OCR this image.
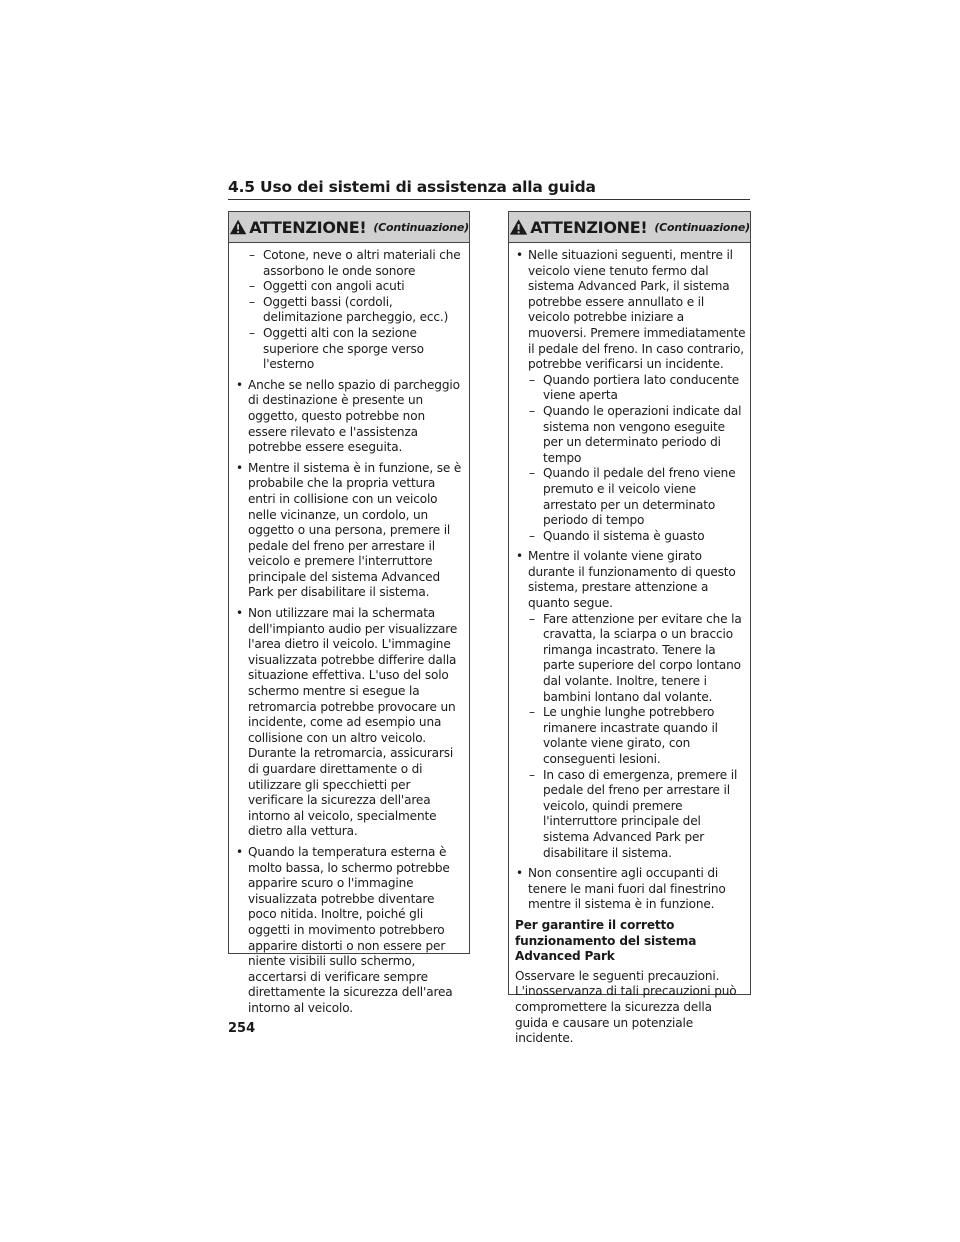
4.5 Uso dei sistemi di assistenza alla guida
ATTENZIONE! (Continuazione)
– Cotone, neve o altri materiali che assorbono le onde sonore
– Oggetti con angoli acuti
– Oggetti bassi (cordoli, delimitazione parcheggio, ecc.)
– Oggetti alti con la sezione superiore che sporge verso l'esterno
• Anche se nello spazio di parcheggio di destinazione è presente un oggetto, questo potrebbe non essere rilevato e l'assistenza potrebbe essere eseguita.
• Mentre il sistema è in funzione, se è probabile che la propria vettura entri in collisione con un veicolo nelle vicinanze, un cordolo, un oggetto o una persona, premere il pedale del freno per arrestare il veicolo e premere l'interruttore principale del sistema Advanced Park per disabilitare il sistema.
• Non utilizzare mai la schermata dell'impianto audio per visualizzare l'area dietro il veicolo. L'immagine visualizzata potrebbe differire dalla situazione effettiva. L'uso del solo schermo mentre si esegue la retromarcia potrebbe provocare un incidente, come ad esempio una collisione con un altro veicolo. Durante la retromarcia, assicurarsi di guardare direttamente o di utilizzare gli specchietti per verificare la sicurezza dell'area intorno al veicolo, specialmente dietro alla vettura.
• Quando la temperatura esterna è molto bassa, lo schermo potrebbe apparire scuro o l'immagine visualizzata potrebbe diventare poco nitida. Inoltre, poiché gli oggetti in movimento potrebbero apparire distorti o non essere per niente visibili sullo schermo, accertarsi di verificare sempre direttamente la sicurezza dell'area intorno al veicolo.
ATTENZIONE! (Continuazione)
• Nelle situazioni seguenti, mentre il veicolo viene tenuto fermo dal sistema Advanced Park, il sistema potrebbe essere annullato e il veicolo potrebbe iniziare a muoversi. Premere immediatamente il pedale del freno. In caso contrario, potrebbe verificarsi un incidente.
– Quando portiera lato conducente viene aperta
– Quando le operazioni indicate dal sistema non vengono eseguite per un determinato periodo di tempo
– Quando il pedale del freno viene premuto e il veicolo viene arrestato per un determinato periodo di tempo
– Quando il sistema è guasto
• Mentre il volante viene girato durante il funzionamento di questo sistema, prestare attenzione a quanto segue.
– Fare attenzione per evitare che la cravatta, la sciarpa o un braccio rimanga incastrato. Tenere la parte superiore del corpo lontano dal volante. Inoltre, tenere i bambini lontano dal volante.
– Le unghie lunghe potrebbero rimanere incastrate quando il volante viene girato, con conseguenti lesioni.
– In caso di emergenza, premere il pedale del freno per arrestare il veicolo, quindi premere l'interruttore principale del sistema Advanced Park per disabilitare il sistema.
• Non consentire agli occupanti di tenere le mani fuori dal finestrino mentre il sistema è in funzione.
Per garantire il corretto funzionamento del sistema Advanced Park
Osservare le seguenti precauzioni. L'inosservanza di tali precauzioni può compromettere la sicurezza della guida e causare un potenziale incidente.
254
